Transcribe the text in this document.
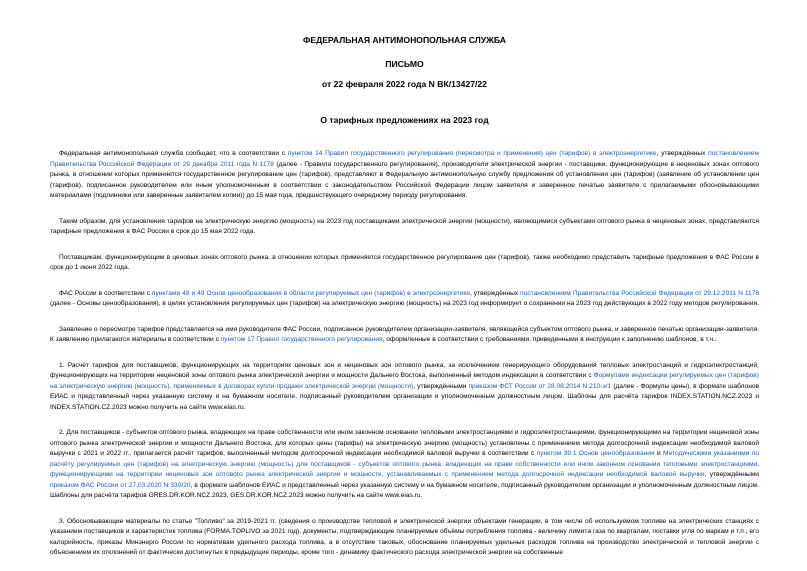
ФЕДЕРАЛЬНАЯ АНТИМОНОПОЛЬНАЯ СЛУЖБА
ПИСЬМО
от 22 февраля 2022 года N ВК/13427/22
О тарифных предложениях на 2023 год

Федеральная антимонопольная служба сообщает, что в соответствии с пунктом 14 Правил государственного регулирования (пересмотра и применения) цен (тарифов) в электроэнергетике, утверждённых постановлением Правительства Российской Федерации от 29 декабря 2011 года N 1178 (далее - Правила государственного регулирования), производители электрической энергии - поставщики, функционирующие в неценовых зонах оптового рынка, в отношении которых применяется государственное регулирование цен (тарифов), представляют в Федеральную антимонопольную службу предложения об установлении цен (тарифов) (заявление об установлении цен (тарифов), подписанное руководителем или иным уполномоченным в соответствии с законодательством Российской Федерации лицом заявителя и заверенное печатью заявителя с прилагаемыми обосновывающими материалами (подлинники или заверенные заявителем копии)) до 15 мая года, предшествующего очередному периоду регулирования.

Таким образом, для установления тарифов на электрическую энергию (мощность) на 2023 год поставщиками электрической энергии (мощности), являющимися субъектами оптового рынка в неценовых зонах, представляются тарифные предложения в ФАС России в срок до 15 мая 2022 года.

Поставщикам, функционирующим в ценовых зонах оптового рынка, в отношении которых применяется государственное регулирование цен (тарифов), также необходимо представить тарифные предложения в ФАС России в срок до 1 июня 2022 года.

ФАС России в соответствии с пунктами 48 и 49 Основ ценообразования в области регулируемых цен (тарифов) в электроэнергетике, утверждённых постановлением Правительства Российской Федерации от 29.12.2011 N 1178 (далее - Основы ценообразования), в целях установления регулируемых цен (тарифов) на электрическую энергию (мощность) на 2023 год информирует о сохранении на 2023 год действующих в 2022 году методов регулирования.

Заявление о пересмотре тарифов представляется на имя руководителя ФАС России, подписанное руководителем организации-заявителя, являющейся субъектом оптового рынка, и заверенное печатью организации-заявителя. К заявлению прилагаются материалы в соответствии с пунктом 17 Правил государственного регулирования, оформленные в соответствии с требованиями, приведенными в инструкции к заполнению шаблонов, в т.ч.:

1. Расчёт тарифов для поставщиков, функционирующих на территориях ценовых зон и неценовых зон оптового рынка, за исключением генерирующего оборудования тепловых электростанций и гидроэлектростанций, функционирующих на территории неценовой зоны оптового рынка электрической энергии и мощности Дальнего Востока, выполненный методом индексации в соответствии с Формулами индексации регулируемых цен (тарифов) на электрическую энергию (мощность), применяемых в договорах купли-продажи электрической энергии (мощности), утверждёнными приказом ФСТ России от 28.08.2014 N 210-э/1 (далее - Формулы цены), в формате шаблонов ЕИАС и представленный через указанную систему и на бумажном носителе, подписанный руководителем организации и уполномоченным должностным лицом. Шаблоны для расчёта тарифов INDEX.STATION.NCZ.2023 и INDEX.STATION.CZ.2023 можно получить на сайте www.eias.ru.

2. Для поставщиков - субъектов оптового рынка, владеющих на праве собственности или ином законном основании тепловыми электростанциями и гидроэлектростанциями, функционирующими на территории неценовой зоны оптового рынка электрической энергии и мощности Дальнего Востока, для которых цены (тарифы) на электрическую энергию (мощность) установлены с применением метода долгосрочной индексации необходимой валовой выручки с 2021 и 2022 гг., прилагается расчёт тарифов, выполненный методом долгосрочной индексации необходимой валовой выручки в соответствии с пунктом 39.1 Основ ценообразования и Методическими указаниями по расчёту регулируемых цен (тарифов) на электрическую энергию (мощность) для поставщиков - субъектов оптового рынка, владеющих на праве собственности или ином законном основании тепловыми электростанциями, функционирующими на территории неценовых зон оптового рынка электрической энергии и мощности, устанавливаемых с применением метода долгосрочной индексации необходимой валовой выручки, утверждёнными приказом ФАС России от 27.03.2020 N 330/20, в формате шаблонов ЕИАС и представленный через указанную систему и на бумажном носителе, подписанный руководителем организации и уполномоченным должностным лицом. Шаблоны для расчёта тарифов GRES.DR.KOR.NCZ.2023, GES.DR.KOR.NCZ.2023 можно получить на сайте www.eias.ru.

3. Обосновывающие материалы по статье "Топливо" за 2019-2021 гг. (сведения о производстве тепловой и электрической энергии объектами генерации, в том числе об используемом топливе на электрических станциях с указанием поставщиков и характеристик топлива (FORMA.TOPLIVO за 2021 год), документы, подтверждающие планируемые объёмы потребления топлива - величину лимита газа по кварталам, поставки угля по маркам и т.п., его калорийность, приказы Минэнерго России по нормативам удельного расхода топлива, а в отсутствие таковых, обоснование планируемых удельных расходов топлива на производство электрической и тепловой энергии с объяснением их отклонений от фактически достигнутых в предыдущие периоды, кроме того - динамику фактического расхода электрической энергии на собственные
